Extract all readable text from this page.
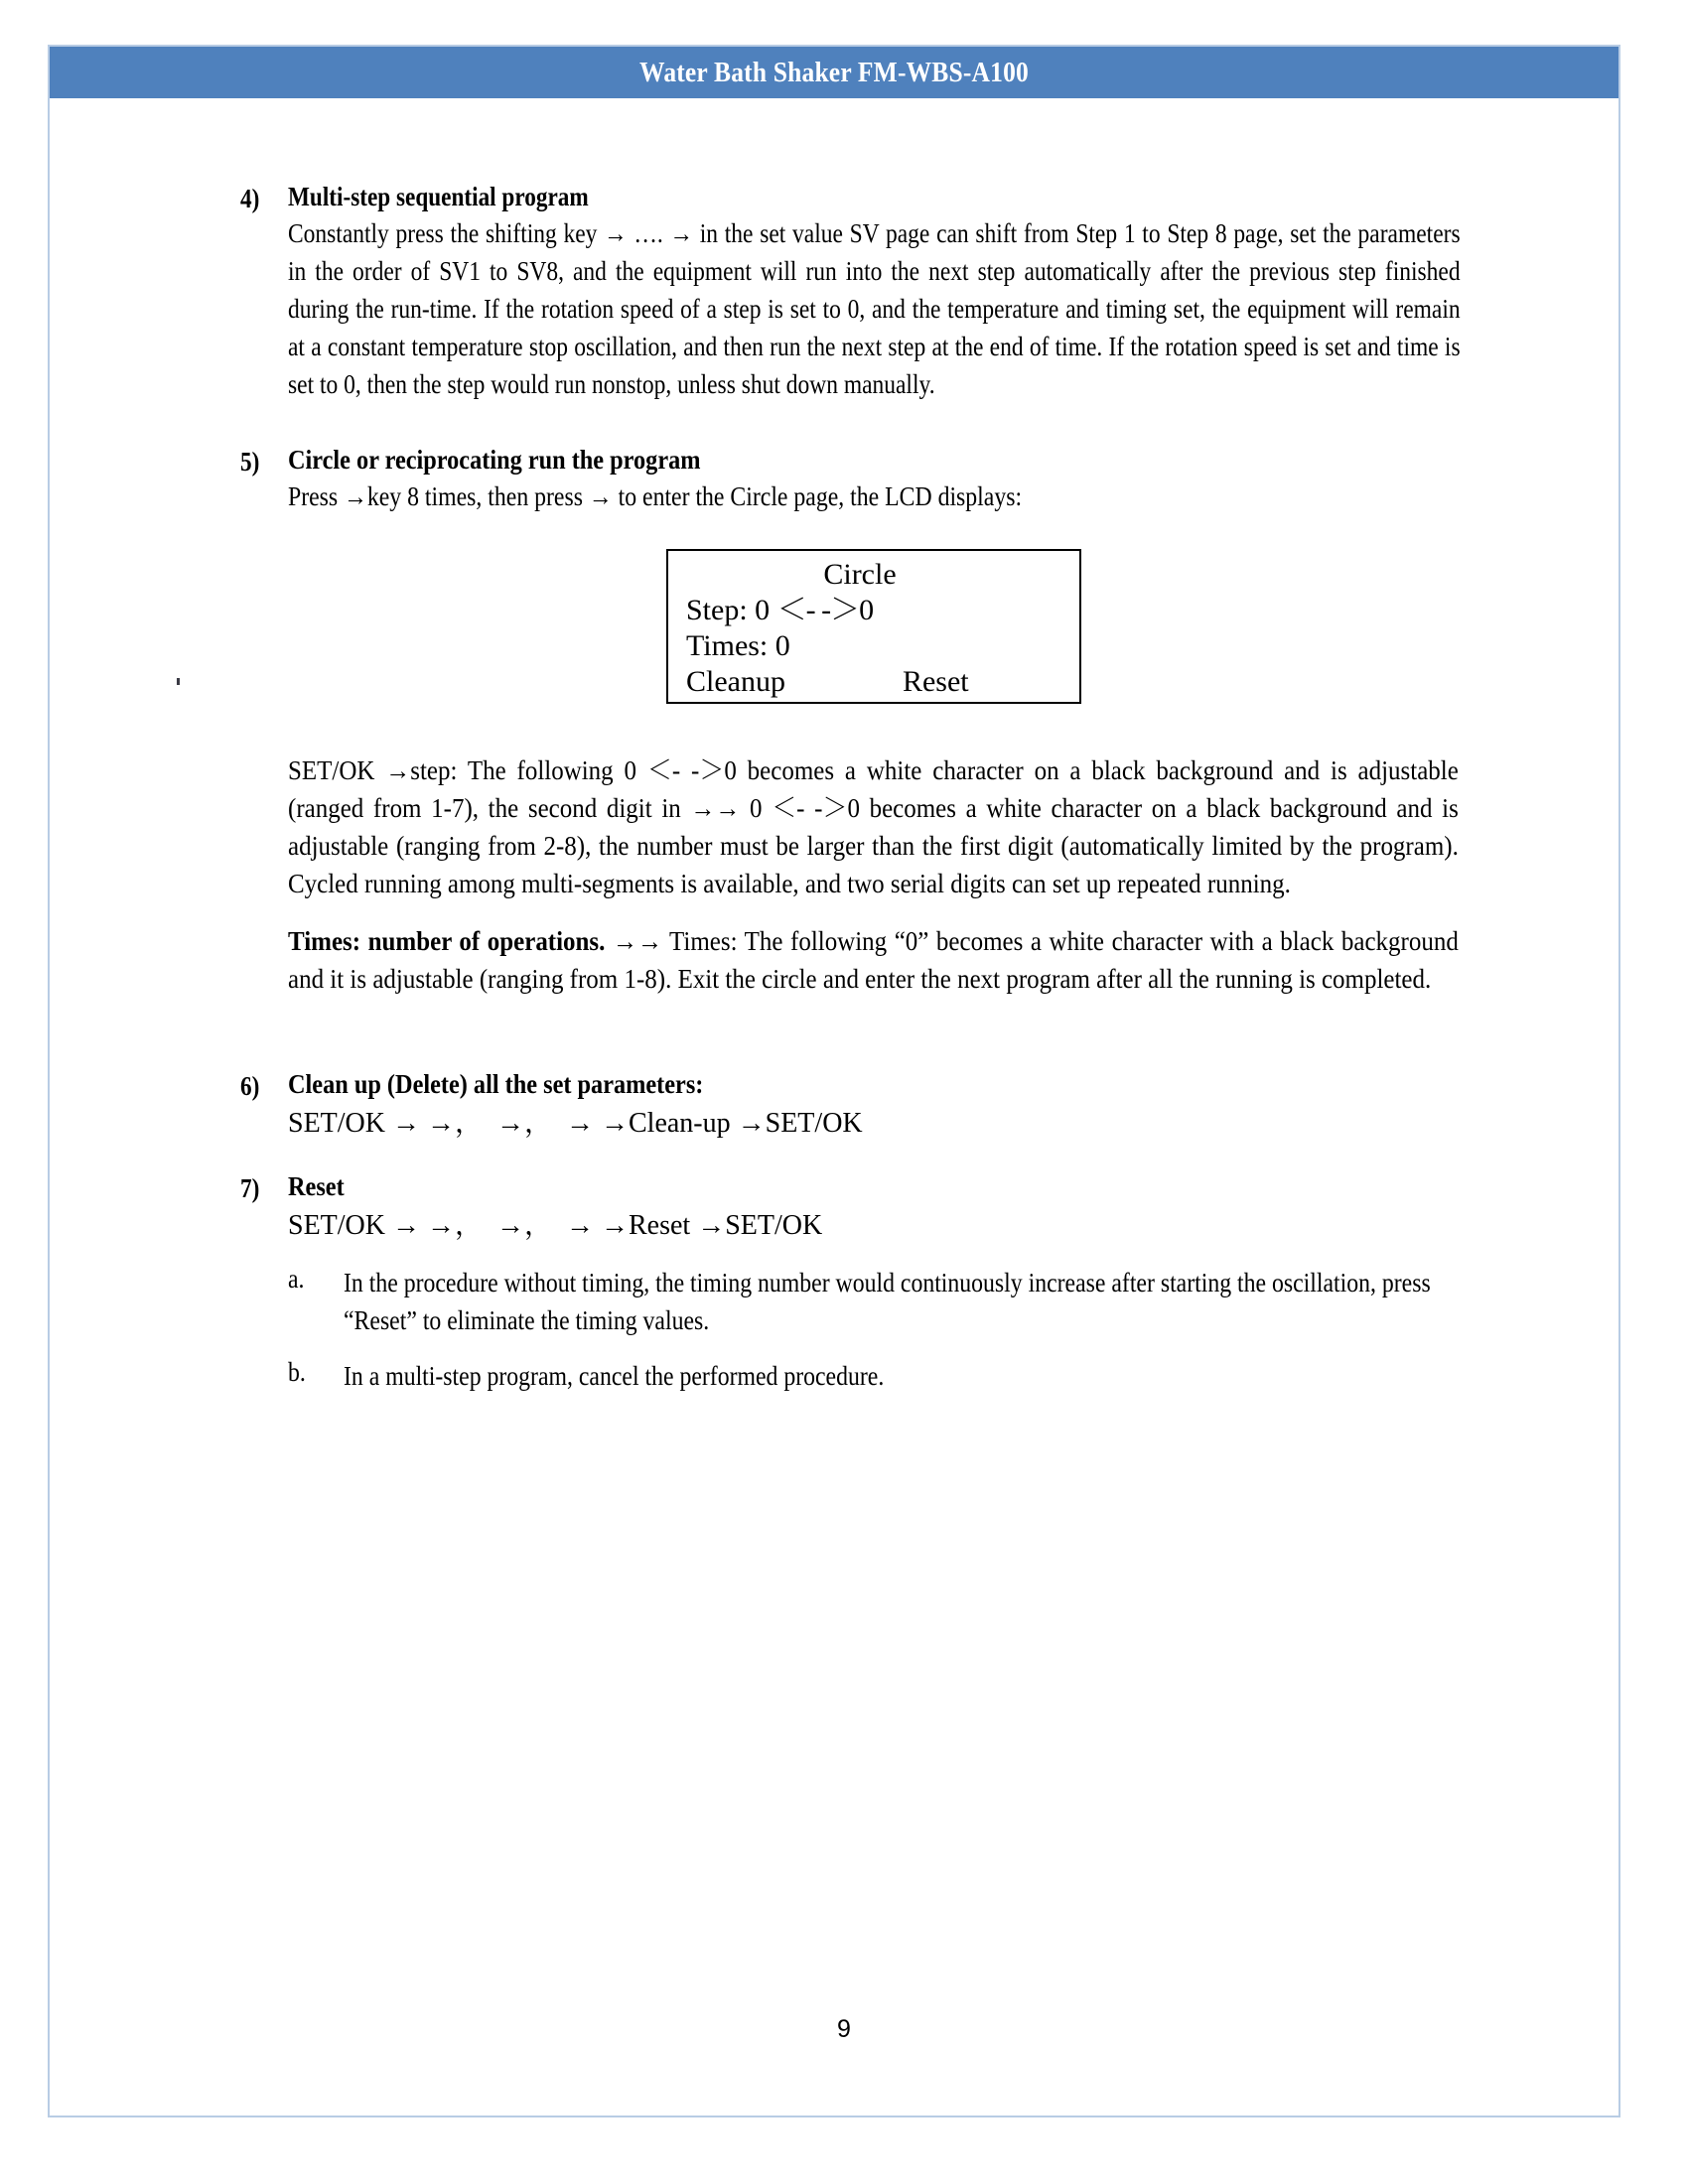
Water Bath Shaker FM-WBS-A100
4)	Multi-step sequential program
Constantly press the shifting key → …. → in the set value SV page can shift from Step 1 to Step 8 page, set the parameters in the order of SV1 to SV8, and the equipment will run into the next step automatically after the previous step finished during the run-time. If the rotation speed of a step is set to 0, and the temperature and timing set, the equipment will remain at a constant temperature stop oscillation, and then run the next step at the end of time. If the rotation speed is set and time is set to 0, then the step would run nonstop, unless shut down manually.
5)	Circle or reciprocating run the program
Press →key 8 times, then press → to enter the Circle page, the LCD displays:
Circle
Step: 0 ＜- -＞0
Times: 0
Cleanup	Reset
SET/OK →step: The following 0 ＜- -＞0 becomes a white character on a black background and is adjustable (ranged from 1-7), the second digit in →→ 0 ＜- -＞0 becomes a white character on a black background and is adjustable (ranging from 2-8), the number must be larger than the first digit (automatically limited by the program). Cycled running among multi-segments is available, and two serial digits can set up repeated running.
Times: number of operations. →→ Times: The following “0” becomes a white character with a black background and it is adjustable (ranging from 1-8). Exit the circle and enter the next program after all the running is completed.
6)	Clean up (Delete) all the set parameters:
SET/OK → →，  →，  → →Clean-up →SET/OK
7)	Reset
SET/OK → →，  →，  → →Reset →SET/OK
a. In the procedure without timing, the timing number would continuously increase after starting the oscillation, press “Reset” to eliminate the timing values.
b. In a multi-step program, cancel the performed procedure.
9
